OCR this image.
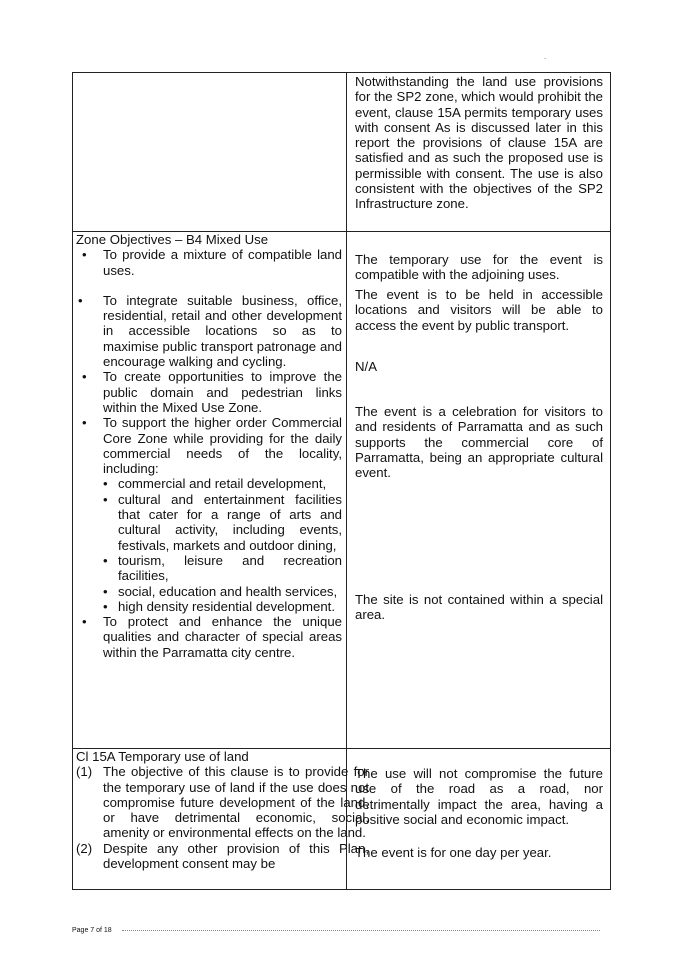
.
Notwithstanding the land use provisions for the SP2 zone, which would prohibit the event, clause 15A permits temporary uses with consent As is discussed later in this report the provisions of clause 15A are satisfied and as such the proposed use is permissible with consent. The use is also consistent with the objectives of the SP2 Infrastructure zone.
Zone Objectives – B4 Mixed Use
• To provide a mixture of compatible land uses.
• To integrate suitable business, office, residential, retail and other development in accessible locations so as to maximise public transport patronage and encourage walking and cycling.
• To create opportunities to improve the public domain and pedestrian links within the Mixed Use Zone.
• To support the higher order Commercial Core Zone while providing for the daily commercial needs of the locality, including:
• commercial and retail development,
• cultural and entertainment facilities that cater for a range of arts and cultural activity, including events, festivals, markets and outdoor dining,
• tourism, leisure and recreation facilities,
• social, education and health services,
• high density residential development.
• To protect and enhance the unique qualities and character of special areas within the Parramatta city centre.
The temporary use for the event is compatible with the adjoining uses.
The event is to be held in accessible locations and visitors will be able to access the event by public transport.
N/A
The event is a celebration for visitors to and residents of Parramatta and as such supports the commercial core of Parramatta, being an appropriate cultural event.
The site is not contained within a special area.
Cl 15A Temporary use of land
(1) The objective of this clause is to provide for the temporary use of land if the use does not compromise future development of the land, or have detrimental economic, social, amenity or environmental effects on the land.
(2) Despite any other provision of this Plan, development consent may be
The use will not compromise the future use of the road as a road, nor detrimentally impact the area, having a positive social and economic impact.
The event is for one day per year.
Page 7 of 18
